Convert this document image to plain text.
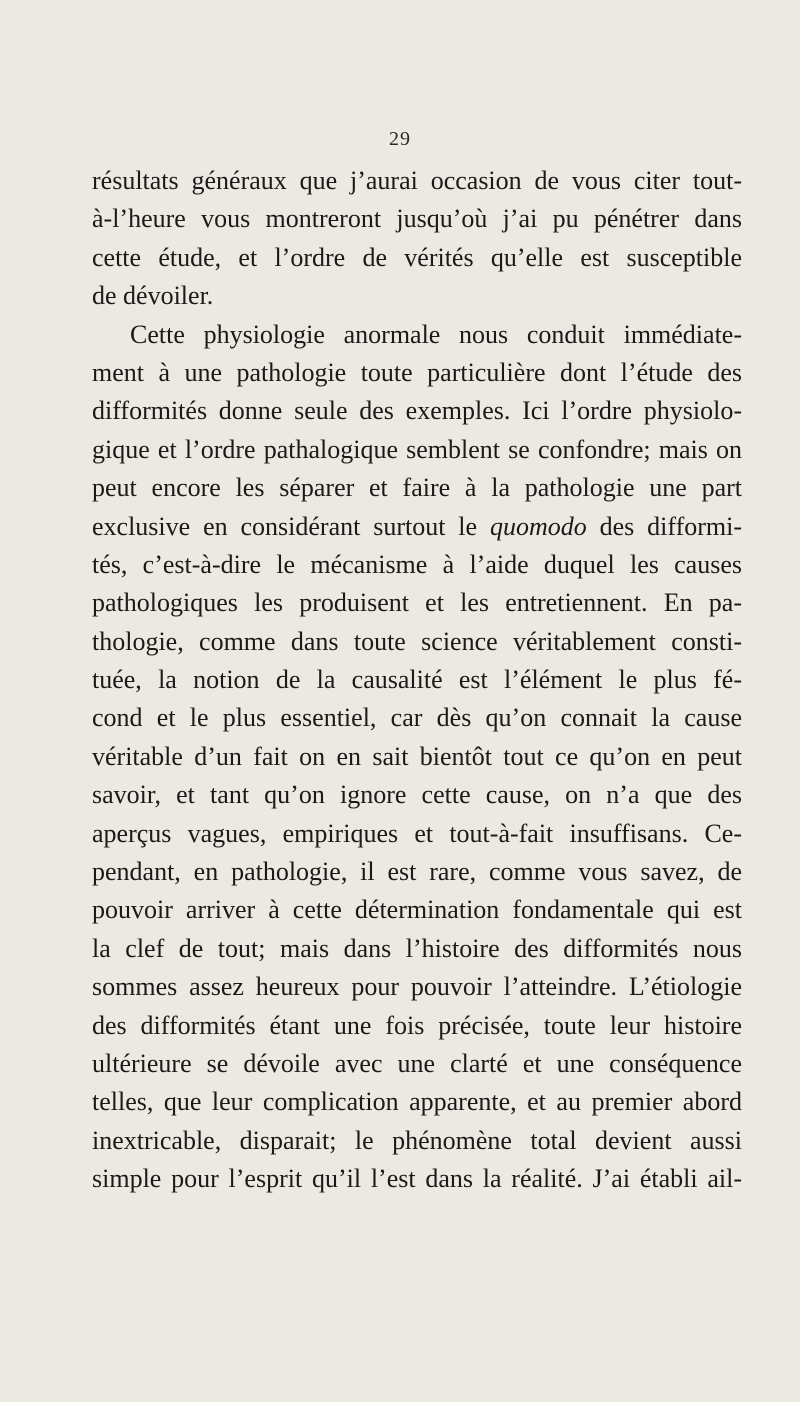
29
résultats généraux que j’aurai occasion de vous citer tout-
à-l’heure vous montreront jusqu’où j’ai pu pénétrer dans
cette étude, et l’ordre de vérités qu’elle est susceptible
de dévoiler.
Cette physiologie anormale nous conduit immédiate-
ment à une pathologie toute particulière dont l’étude des
difformités donne seule des exemples. Ici l’ordre physiolo-
gique et l’ordre pathalogique semblent se confondre; mais on
peut encore les séparer et faire à la pathologie une part
exclusive en considérant surtout le quomodo des difformi-
tés, c’est-à-dire le mécanisme à l’aide duquel les causes
pathologiques les produisent et les entretiennent. En pa-
thologie, comme dans toute science véritablement consti-
tuée, la notion de la causalité est l’élément le plus fé-
cond et le plus essentiel, car dès qu’on connait la cause
véritable d’un fait on en sait bientôt tout ce qu’on en peut
savoir, et tant qu’on ignore cette cause, on n’a que des
aperçus vagues, empiriques et tout-à-fait insuffisans. Ce-
pendant, en pathologie, il est rare, comme vous savez, de
pouvoir arriver à cette détermination fondamentale qui est
la clef de tout; mais dans l’histoire des difformités nous
sommes assez heureux pour pouvoir l’atteindre. L’étiologie
des difformités étant une fois précisée, toute leur histoire
ultérieure se dévoile avec une clarté et une conséquence
telles, que leur complication apparente, et au premier abord
inextricable, disparait; le phénomène total devient aussi
simple pour l’esprit qu’il l’est dans la réalité. J’ai établi ail-
